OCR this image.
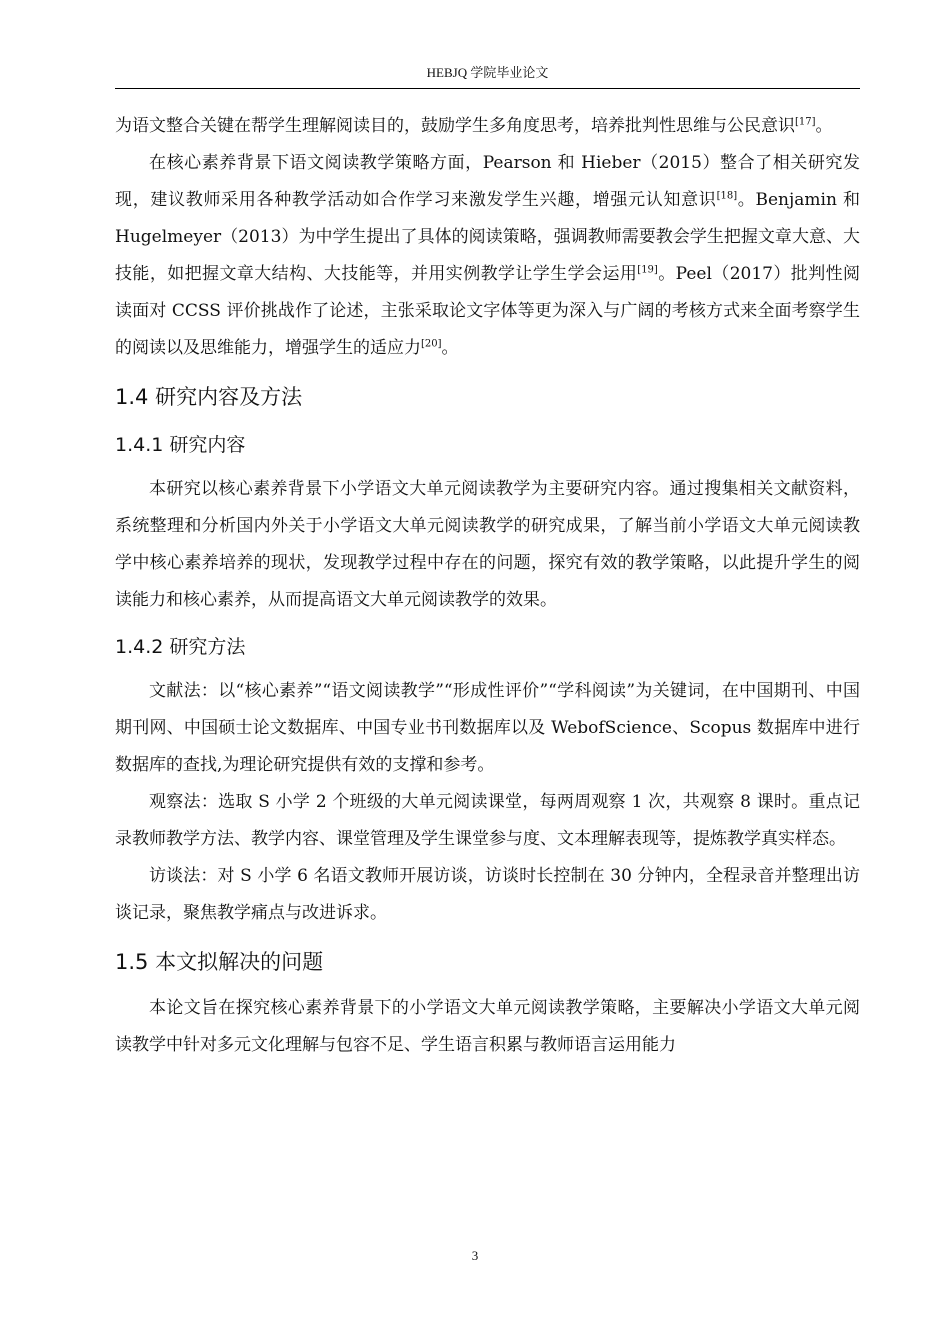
HEBJQ 学院毕业论文

为语文整合关键在帮学生理解阅读目的，鼓励学生多角度思考，培养批判性思维与公民意识[17]。

在核心素养背景下语文阅读教学策略方面，Pearson 和 Hieber（2015）整合了相关研究发现，建议教师采用各种教学活动如合作学习来激发学生兴趣，增强元认知意识[18]。Benjamin 和 Hugelmeyer（2013）为中学生提出了具体的阅读策略，强调教师需要教会学生把握文章大意、大技能，如把握文章大结构、大技能等，并用实例教学让学生学会运用[19]。Peel（2017）批判性阅读面对 CCSS 评价挑战作了论述，主张采取论文字体等更为深入与广阔的考核方式来全面考察学生的阅读以及思维能力，增强学生的适应力[20]。

1.4 研究内容及方法
1.4.1 研究内容

本研究以核心素养背景下小学语文大单元阅读教学为主要研究内容。通过搜集相关文献资料，系统整理和分析国内外关于小学语文大单元阅读教学的研究成果，了解当前小学语文大单元阅读教学中核心素养培养的现状，发现教学过程中存在的问题，探究有效的教学策略，以此提升学生的阅读能力和核心素养，从而提高语文大单元阅读教学的效果。

1.4.2 研究方法

文献法：以“核心素养”“语文阅读教学”“形成性评价”“学科阅读”为关键词，在中国期刊、中国期刊网、中国硕士论文数据库、中国专业书刊数据库以及 WebofScience、Scopus 数据库中进行数据库的查找,为理论研究提供有效的支撑和参考。

观察法：选取 S 小学 2 个班级的大单元阅读课堂，每两周观察 1 次，共观察 8 课时。重点记录教师教学方法、教学内容、课堂管理及学生课堂参与度、文本理解表现等，提炼教学真实样态。

访谈法：对 S 小学 6 名语文教师开展访谈，访谈时长控制在 30 分钟内，全程录音并整理出访谈记录，聚焦教学痛点与改进诉求。

1.5 本文拟解决的问题

本论文旨在探究核心素养背景下的小学语文大单元阅读教学策略，主要解决小学语文大单元阅读教学中针对多元文化理解与包容不足、学生语言积累与教师语言运用能力

3
